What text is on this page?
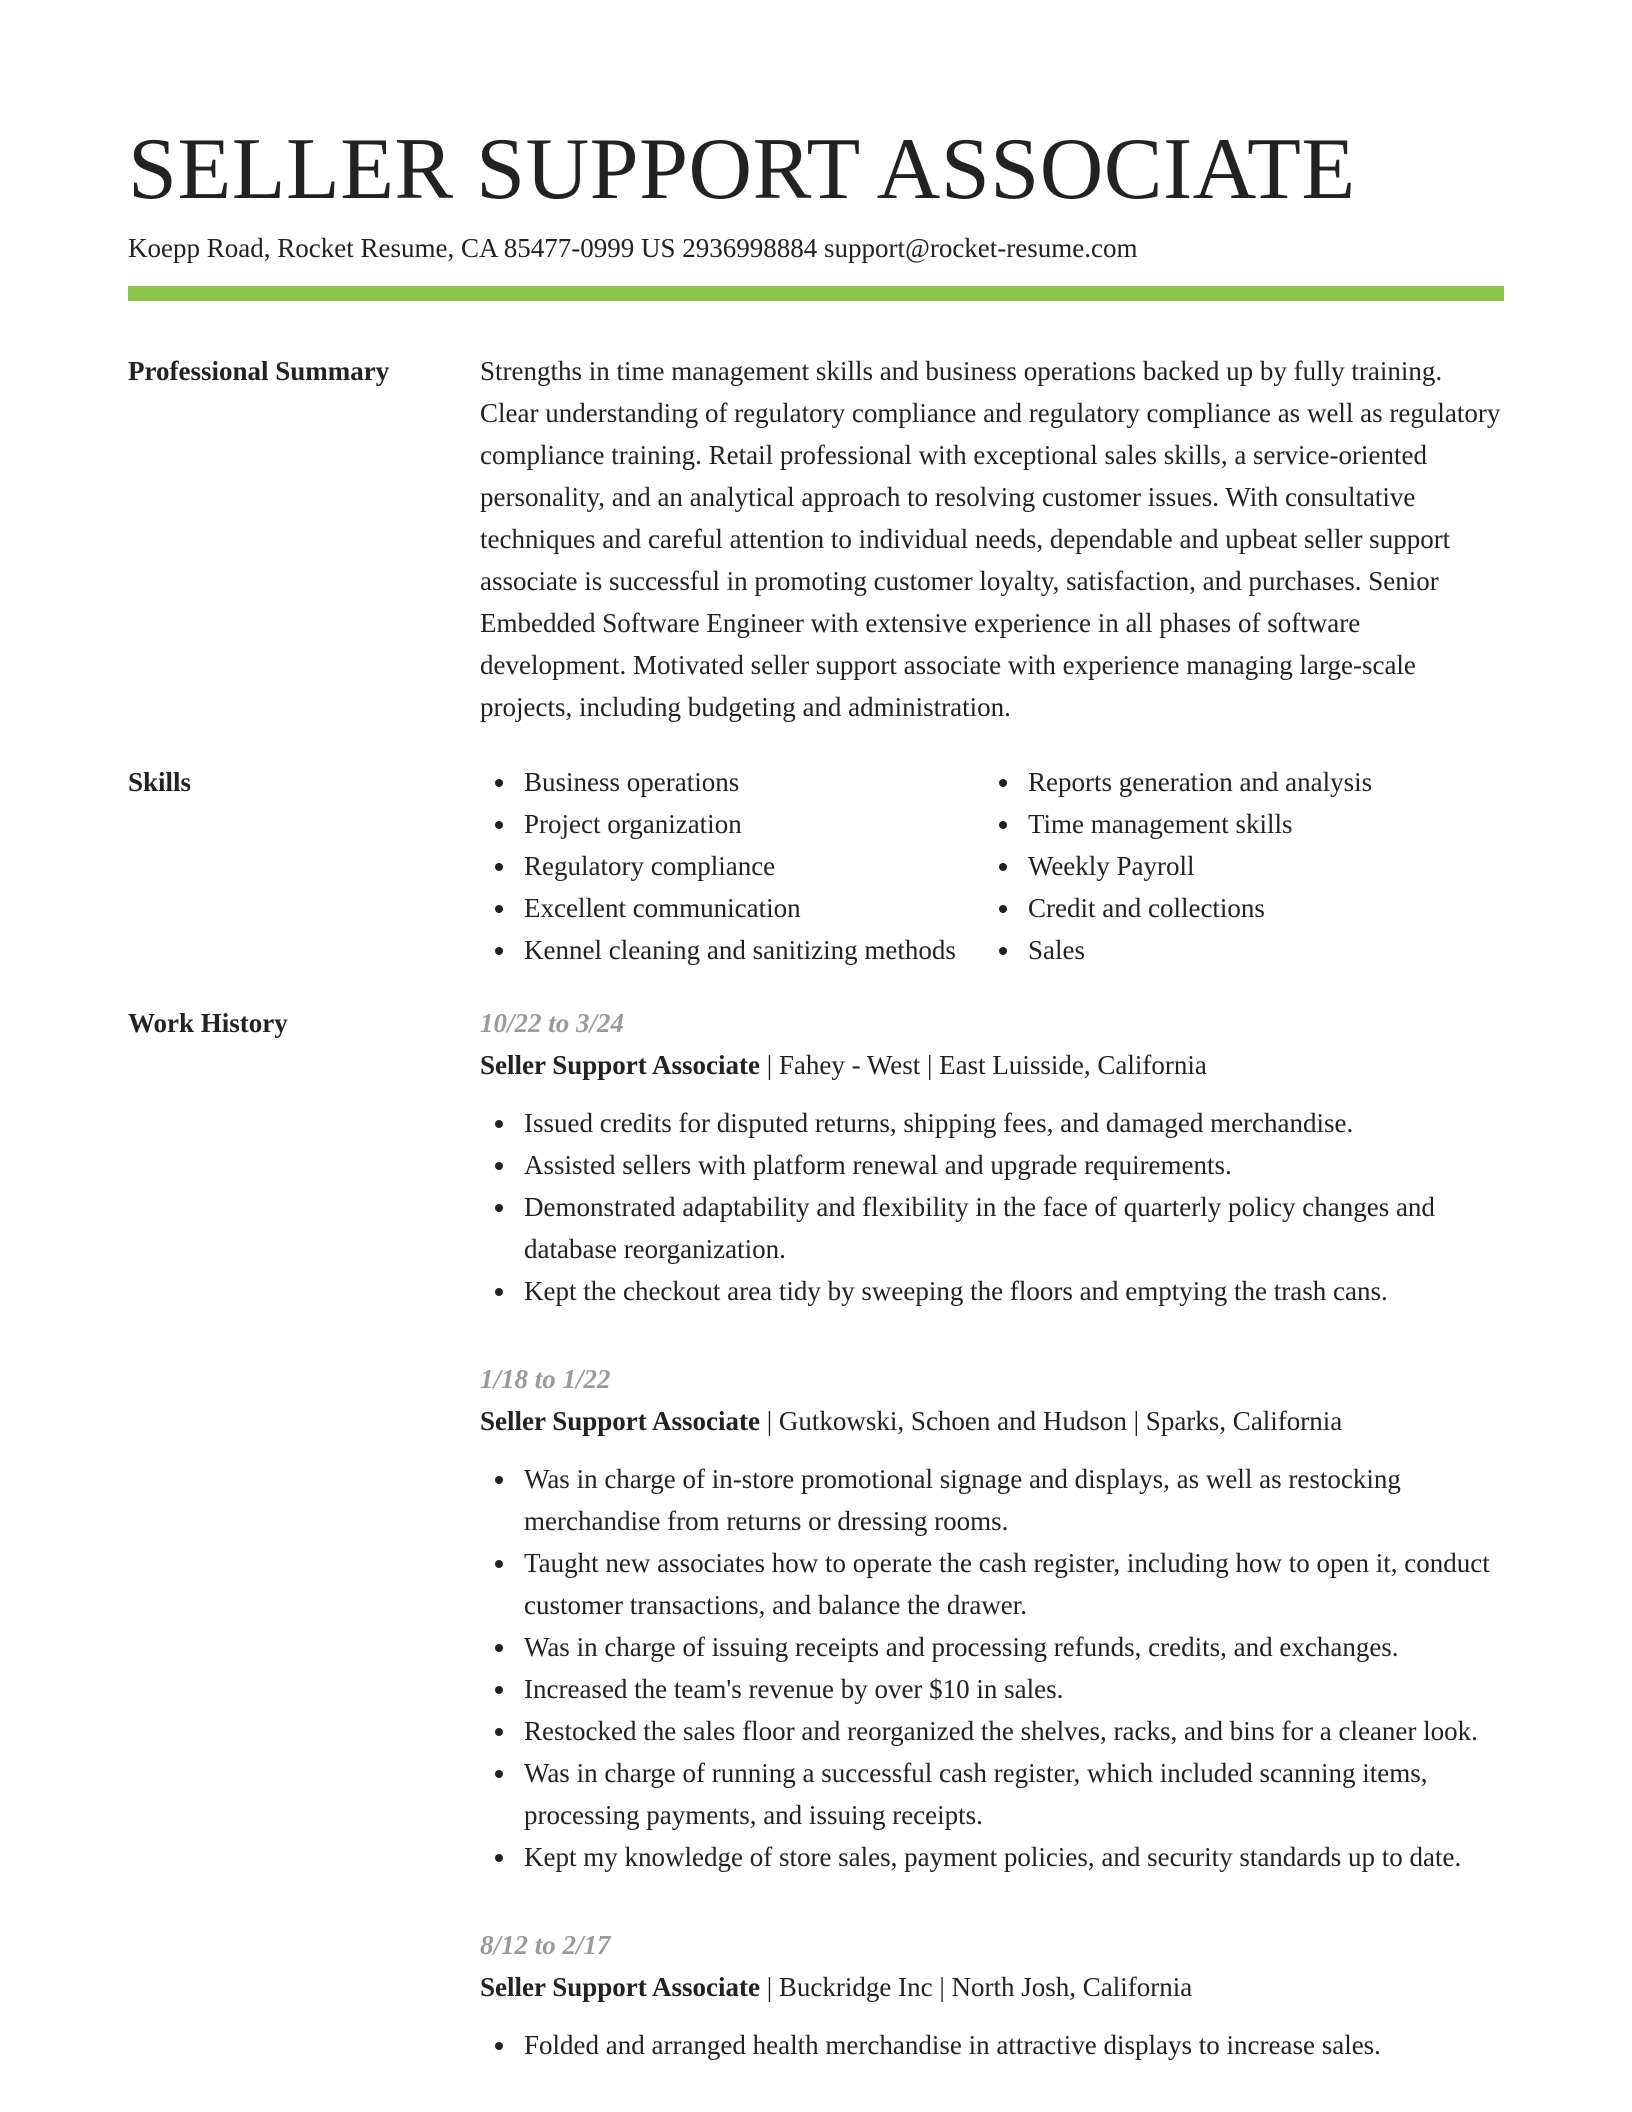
SELLER SUPPORT ASSOCIATE
Koepp Road, Rocket Resume, CA 85477-0999 US 2936998884 support@rocket-resume.com
Professional Summary	Strengths in time management skills and business operations backed up by fully training. Clear understanding of regulatory compliance and regulatory compliance as well as regulatory compliance training. Retail professional with exceptional sales skills, a service-oriented personality, and an analytical approach to resolving customer issues. With consultative techniques and careful attention to individual needs, dependable and upbeat seller support associate is successful in promoting customer loyalty, satisfaction, and purchases. Senior Embedded Software Engineer with extensive experience in all phases of software development. Motivated seller support associate with experience managing large-scale projects, including budgeting and administration.

Skills	Business operations
Project organization
Regulatory compliance
Excellent communication
Kennel cleaning and sanitizing methods
Reports generation and analysis
Time management skills
Weekly Payroll
Credit and collections
Sales
Work History	10/22 to 3/24
Seller Support Associate | Fahey - West | East Luisside, California
Issued credits for disputed returns, shipping fees, and damaged merchandise.
Assisted sellers with platform renewal and upgrade requirements.
Demonstrated adaptability and flexibility in the face of quarterly policy changes and database reorganization.
Kept the checkout area tidy by sweeping the floors and emptying the trash cans.
1/18 to 1/22
Seller Support Associate | Gutkowski, Schoen and Hudson | Sparks, California
Was in charge of in-store promotional signage and displays, as well as restocking merchandise from returns or dressing rooms.
Taught new associates how to operate the cash register, including how to open it, conduct customer transactions, and balance the drawer.
Was in charge of issuing receipts and processing refunds, credits, and exchanges.
Increased the team's revenue by over $10 in sales.
Restocked the sales floor and reorganized the shelves, racks, and bins for a cleaner look.
Was in charge of running a successful cash register, which included scanning items, processing payments, and issuing receipts.
Kept my knowledge of store sales, payment policies, and security standards up to date.
8/12 to 2/17
Seller Support Associate | Buckridge Inc | North Josh, California
Folded and arranged health merchandise in attractive displays to increase sales.
